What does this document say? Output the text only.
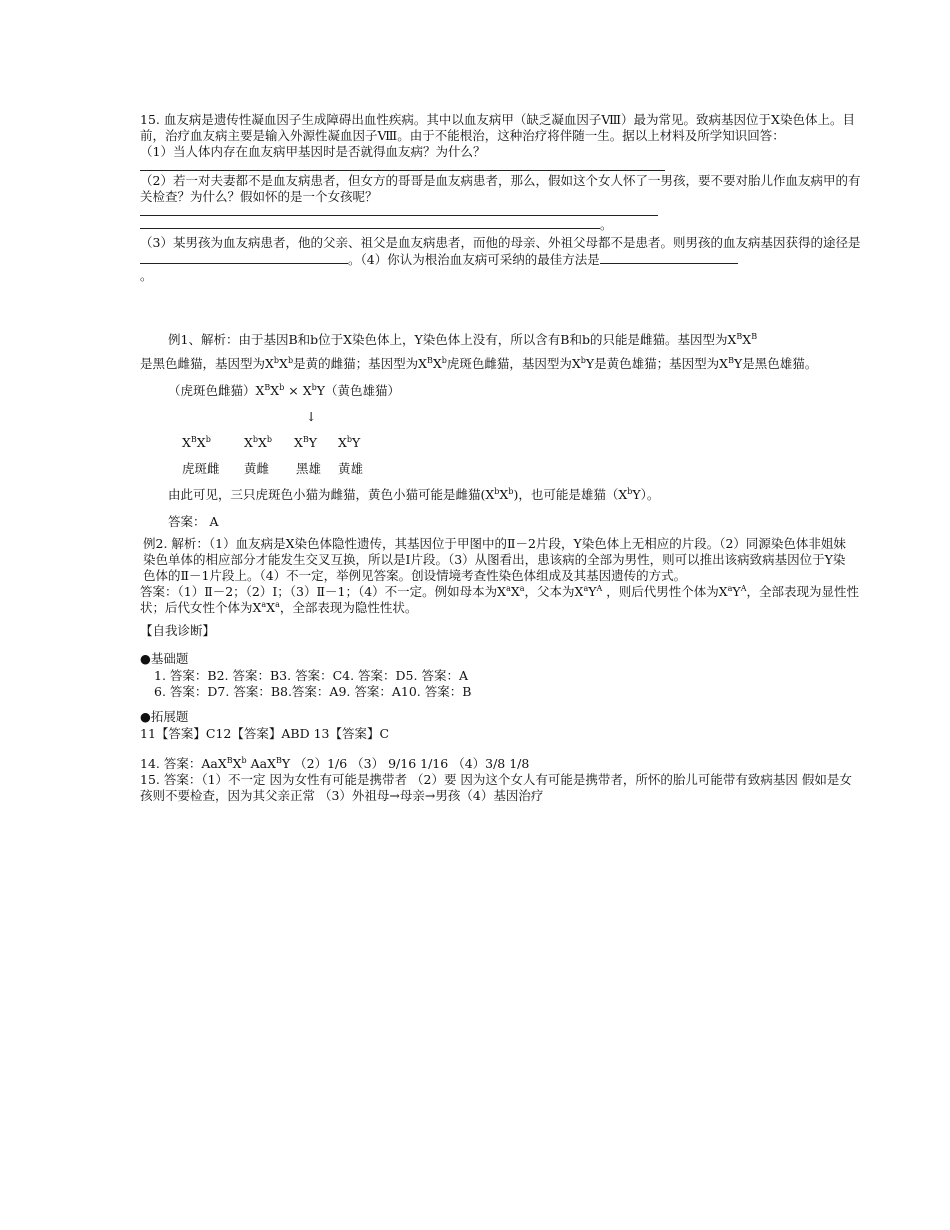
15. 血友病是遗传性凝血因子生成障碍出血性疾病。其中以血友病甲（缺乏凝血因子Ⅷ）最为常见。致病基因位于X染色体上。目前，治疗血友病主要是输入外源性凝血因子Ⅷ。由于不能根治，这种治疗将伴随一生。据以上材料及所学知识回答：

（1）当人体内存在血友病甲基因时是否就得血友病？为什么？

（2）若一对夫妻都不是血友病患者，但女方的哥哥是血友病患者，那么，假如这个女人怀了一男孩，要不要对胎儿作血友病甲的有关检查？为什么？假如怀的是一个女孩呢？

。

（3）某男孩为血友病患者，他的父亲、祖父是血友病患者，而他的母亲、外祖父母都不是患者。则男孩的血友病基因获得的途径是。（4）你认为根治血友病可采纳的最佳方法是

。

例1、解析：由于基因B和b位于X染色体上，Y染色体上没有，所以含有B和b的只能是雌猫。基因型为$X^BX^B$

是黑色雌猫，基因型为$X^bX^b$是黄的雌猫；基因型为$X^BX^b$虎斑色雌猫，基因型为$X^bY$是黄色雄猫；基因型为$X^BY$是黑色雄猫。

（虎斑色雌猫）$X^BX^b \times X^bY$（黄色雄猫）

↓

$X^BX^b$	$X^bX^b$ $X^BY$ $X^bY$

虎斑雌 黄雌 黑雄 黄雄

由此可见，三只虎斑色小猫为雌猫，黄色小猫可能是雌猫$(X^bX^b)$，也可能是雄猫$(X^bY)$。

答案： A

例2. 解析：（1）血友病是X染色体隐性遗传，其基因位于甲图中的Ⅱ－2片段，Y染色体上无相应的片段。（2）同源染色体非姐妹染色单体的相应部分才能发生交叉互换，所以是Ⅰ片段。（3）从图看出，患该病的全部为男性，则可以推出该病致病基因位于Y染色体的Ⅱ－1片段上。（4）不一定，举例见答案。创设情境考查性染色体组成及其基因遗传的方式。

答案：（1）Ⅱ－2；（2）Ⅰ；（3）Ⅱ－1；（4）不一定。例如母本为$X^aX^a$，父本为$X^aY^A$ ，则后代男性个体为$X^aY^A$，全部表现为显性性状；后代女性个体为$X^aX^a$，全部表现为隐性性状。

【自我诊断】

●基础题

1. 答案：B2. 答案：B3. 答案：C4. 答案：D5. 答案：A

6. 答案：D7. 答案：B8.答案：A9. 答案：A10. 答案：B

●拓展题

11【答案】C12【答案】ABD 13【答案】C

14. 答案：$AaX^BX^b$ AaX$^B$Y （2）1/6 （3） 9/16 1/16 （4）3/8 1/8

15. 答案：（1）不一定 因为女性有可能是携带者 （2）要 因为这个女人有可能是携带者，所怀的胎儿可能带有致病基因 假如是女孩则不要检查，因为其父亲正常 （3）外祖母→母亲→男孩（4）基因治疗
